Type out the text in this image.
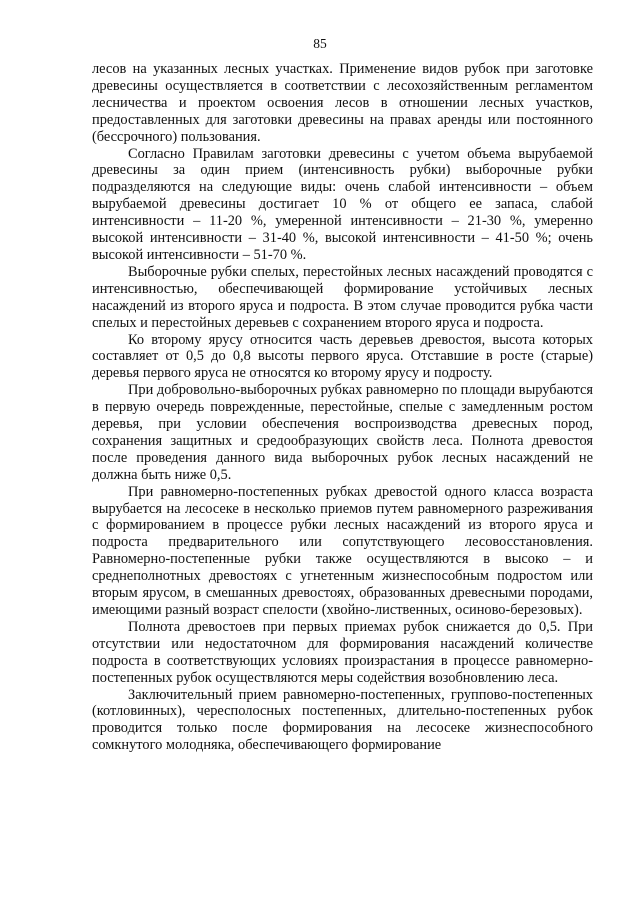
85

лесов на указанных лесных участках. Применение видов рубок при заготовке древесины осуществляется в соответствии с лесохозяйственным регламентом лесничества и проектом освоения лесов в отношении лесных участков, предоставленных для заготовки древесины на правах аренды или постоянного (бессрочного) пользования.

Согласно Правилам заготовки древесины с учетом объема вырубаемой древесины за один прием (интенсивность рубки) выборочные рубки подразделяются на следующие виды: очень слабой интенсивности – объем вырубаемой древесины достигает 10 % от общего ее запаса, слабой интенсивности – 11-20 %, умеренной интенсивности – 21-30 %, умеренно высокой интенсивности – 31-40 %, высокой интенсивности – 41-50 %; очень высокой интенсивности – 51-70 %.

Выборочные рубки спелых, перестойных лесных насаждений проводятся с интенсивностью, обеспечивающей формирование устойчивых лесных насаждений из второго яруса и подроста. В этом случае проводится рубка части спелых и перестойных деревьев с сохранением второго яруса и подроста.

Ко второму ярусу относится часть деревьев древостоя, высота которых составляет от 0,5 до 0,8 высоты первого яруса. Отставшие в росте (старые) деревья первого яруса не относятся ко второму ярусу и подросту.

При добровольно-выборочных рубках равномерно по площади вырубаются в первую очередь поврежденные, перестойные, спелые с замедленным ростом деревья, при условии обеспечения воспроизводства древесных пород, сохранения защитных и средообразующих свойств леса. Полнота древостоя после проведения данного вида выборочных рубок лесных насаждений не должна быть ниже 0,5.

При равномерно-постепенных рубках древостой одного класса возраста вырубается на лесосеке в несколько приемов путем равномерного разреживания с формированием в процессе рубки лесных насаждений из второго яруса и подроста предварительного или сопутствующего лесовосстановления. Равномерно-постепенные рубки также осуществляются в высоко – и среднеполнотных древостоях с угнетенным жизнеспособным подростом или вторым ярусом, в смешанных древостоях, образованных древесными породами, имеющими разный возраст спелости (хвойно-лиственных, осиново-березовых).

Полнота древостоев при первых приемах рубок снижается до 0,5. При отсутствии или недостаточном для формирования насаждений количестве подроста в соответствующих условиях произрастания в процессе равномерно-постепенных рубок осуществляются меры содействия возобновлению леса.

Заключительный прием равномерно-постепенных, группово-постепенных (котловинных), чересполосных постепенных, длительно-постепенных рубок проводится только после формирования на лесосеке жизнеспособного сомкнутого молодняка, обеспечивающего формирование
